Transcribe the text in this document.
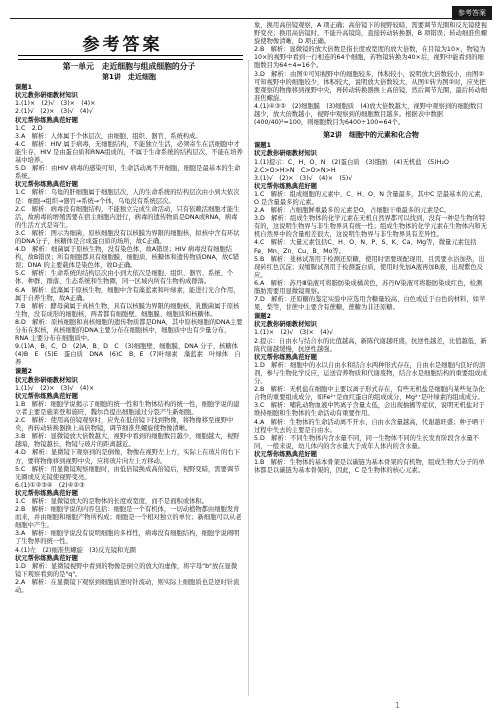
参考答案
参考答案
第一单元　走近细胞与组成细胞的分子
第1讲　走近细胞
课题1
状元教你研细教材知识
1.(1)×　(2)√　(3)×　(4)×
2.(1)√　(2)×　(3)√　(4)√
状元帮你练熟典范好题
1.C　2.D
3.A　解析：人体属于个体层次，由细胞、组织、器官、系统构成。
4.C　解析：HIV 属于病毒，无细胞结构，不能独立生活，必须寄生在活细胞中才能生存，HIV 是由蛋白质和RNA组成的，不属于生命系统的结构层次，不能在培养基中培养。
5.D　解析：由HIV 病毒的感染可知，生命活动离不开细胞，细胞是最基本的生命系统。
状元帮你练熟典范好题
1.C　解析：乌龟的肝细胞属于细胞层次，人的生命系统的结构层次由小到大依次是：细胞→组织→器官→系统→个体，乌龟没有系统层次。
2.C　解析：病毒没有细胞结构，不能独立完成生命活动，只有依赖活细胞才能生活，故病毒的增殖需要在宿主细胞内进行，病毒的遗传物质是DNA或RNA，病毒的生活方式是寄生。
3.C　解析：图示为细菌，原核细胞没有以核膜为界限的细胞核，拟核中含有环状的DNA分子，核糖体是合成蛋白质的场所，故C正确。
4.D　解析：细菌属于原核生物，没有染色体，故A错误；HIV 病毒没有细胞结构，故B错误；所有细胞都具有细胞膜、细胞质、核糖体和遗传物质DNA，故C错误；DNA 的主要载体是染色体，故D正确。
5.C　解析：生命系统的结构层次由小到大依次是细胞、组织、器官、系统、个体、种群、群落、生态系统和生物圈，同一区域内所有生物构成群落。
6.A　解析：蓝藻属于原核生物，细胞中含有藻蓝素和叶绿素，能进行光合作用，属于自养生物，故A正确。
7.B　解析：酵母菌属于真核生物，具有以核膜为界限的细胞核，乳酸菌属于原核生物，没有成形的细胞核，两者都有细胞壁、细胞膜、细胞质和核糖体。
8.D　解析：原核细胞和真核细胞的遗传物质都是DNA，其中原核细胞的DNA主要分布在拟核，真核细胞的DNA主要分布在细胞核中，细胞质中也有少量分布，RNA 主要分布在细胞质中。
9.(1)A、B、C、D　(2)A、B、D　C　(3)细胞壁、细胞膜、DNA 分子、核糖体　(4)B　E　(5)E　蛋白质　DNA　(6)C　B、E　(7)叶绿素　藻蓝素　叶绿体　自养
课题2
状元教你研细教材知识
1.(1)√　(2)×　(3)√　(4)×
状元帮你练熟典范好题
1.B　解析：细胞学说揭示了细胞的统一性和生物体结构的统一性，细胞学说的建立者主要是施莱登和施旺，魏尔肖提出细胞通过分裂产生新细胞。
2.C　解析：使用高倍镜观察时，应先在低倍镜下找到物像，将物像移至视野中央，再转动转换器换上高倍物镜，调节细准焦螺旋使物像清晰。
3.B　解析：显微镜放大倍数越大，视野中看到的细胞数目越少，细胞越大，视野越暗，物镜越长，物镜与玻片的距离越近。
4.D　解析：显微镜下观察到的是倒像，物像在视野左上方，实际上在玻片的右下方，要将物像移到视野中央，应将玻片向左上方移动。
5.C　解析：用显微镜观察细胞时，由低倍镜换成高倍镜后，视野变暗，需要调节光圈或反光镜使视野变亮。
6.(1)①②③④　(2)④②③
状元帮你练熟典范好题
1.C　解析：显微镜放大的是物体的长度或宽度，而不是面积或体积。
2.B　解析：细胞学说的内容包括：细胞是一个有机体，一切动植物都由细胞发育而来，并由细胞和细胞产物所构成；细胞是一个相对独立的单位；新细胞可以从老细胞中产生。
3.A　解析：细胞学说没有说明细胞的多样性，病毒没有细胞结构，细胞学说阐明了生物界的统一性。
4.(1)左　(2)细准焦螺旋　(3)反光镜和光圈
状元帮你练熟典范好题
1.D　解析：显微镜视野中看到的物像是倒立的放大的虚像，将字母"b"放在显微镜下观察看到的是"q"。
2.A　解析：在显微镜下观察到细胞质逆时针流动，则实际上细胞质也是逆时针流动。
象，换用高倍镜观察，A 项正确；高倍镜下的视野较暗，需要调节光圈和反光镜使视野变亮；换用高倍镜时，不能升高镜筒，直接转动转换器，B 项错误；转动细准焦螺旋使物像清晰，D 项正确。
2.B　解析：显微镜的放大倍数是指长度或宽度的放大倍数，在目镜为10×，物镜为10×的视野中看到一行相连的64个细胞，若物镜转换为40×后，视野中能看到的细胞数目为64÷4=16个。
3.D　解析：由图①可知视野中的细胞较多，体积较小，说明放大倍数较小，由图②可知视野中的细胞较少，体积较大，说明放大倍数较大，从图①转为图②时，应先把要观察的物像移到视野中央，再转动转换器换上高倍镜，然后调节光圈，最后转动细准焦螺旋。
4.(1)④③②　(2)细胞膜　(3)细胞质　(4)放大倍数越大，视野中观察到的细胞数目越少，放大倍数越小，视野中观察到的细胞数目越多。根据表中数据(400/40)²=100，则细胞数目为6400÷100=64个。
第2讲　细胞中的元素和化合物
课题1
状元教你研细教材知识
1.(1)提示：C、H、O、N　(2)蛋白质　(3)脂肪　(4)无机盐　(5)H₂O
2.C>O>H>N　C>O>N>H
3.(1)√　(2)×　(3)√　(4)×　(5)√
状元帮你练熟典范好题
1.C　解析：组成细胞的元素中，C、H、O、N 含量最多，其中C 是最基本的元素，O 是含量最多的元素。
2.A　解析：占细胞鲜重最多的元素是O，占细胞干重最多的元素是C。
3.D　解析：组成生物体的化学元素在无机自然界都可以找到，没有一种是生物所特有的，这说明生物界与非生物界具有统一性；组成生物体的化学元素在生物体内和无机自然界中的含量相差很大，这说明生物界与非生物界具有差异性。
4.C　解析：大量元素包括C、H、O、N、P、S、K、Ca、Mg等，微量元素包括Fe、Mn、Zn、Cu、B、Mo等。
5.B　解析：斐林试剂用于检测还原糖，使用时需要现配现用，且需要水浴加热，出现砖红色沉淀；双缩脲试剂用于检测蛋白质，使用时先加A液再加B液，出现紫色反应。
6.A　解析：苏丹Ⅲ染液可将脂肪染成橘黄色，苏丹Ⅳ染液可将脂肪染成红色，检测脂肪需要用显微镜观察。
7.D　解析：还原糖的鉴定实验中应选用含糖量较高、白色或近于白色的材料，如苹果、梨等，甘蔗中主要含有蔗糖，蔗糖为非还原糖。
课题2
状元教你研细教材知识
1.(1)×　(2)√　(3)×　(4)√
2.提示：自由水与结合水的比值越高，新陈代谢越旺盛，抗逆性越差，比值越低，新陈代谢越缓慢，抗逆性越强。
状元帮你练熟典范好题
1.D　解析：细胞中的水以自由水和结合水两种形式存在，自由水是细胞内良好的溶剂，参与生物化学反应，运送营养物质和代谢废物，结合水是细胞结构的重要组成成分。
2.B　解析：无机盐在细胞中主要以离子形式存在，有些无机盐是细胞内某些复杂化合物的重要组成成分，如Fe²⁺是血红蛋白的组成成分，Mg²⁺是叶绿素的组成成分。
3.C　解析：哺乳动物血液中钙离子含量太低，会出现抽搐等症状，说明无机盐对于维持细胞和生物体的生命活动有重要作用。
4.A　解析：生物体的生命活动离不开水，自由水含量越高，代谢越旺盛；种子晒干过程中失去的主要是自由水。
5.D　解析：不同生物体内含水量不同，同一生物体不同的生长发育阶段含水量不同，一般来说，幼儿体内的含水量大于成年人体内的含水量。
状元帮你练熟典范好题
1.B　解析：生物体的基本骨架是以碳链为基本骨架的有机物，组成生物大分子的单体都是以碳链为基本骨架的，因此，C 是生物体的核心元素。
1
